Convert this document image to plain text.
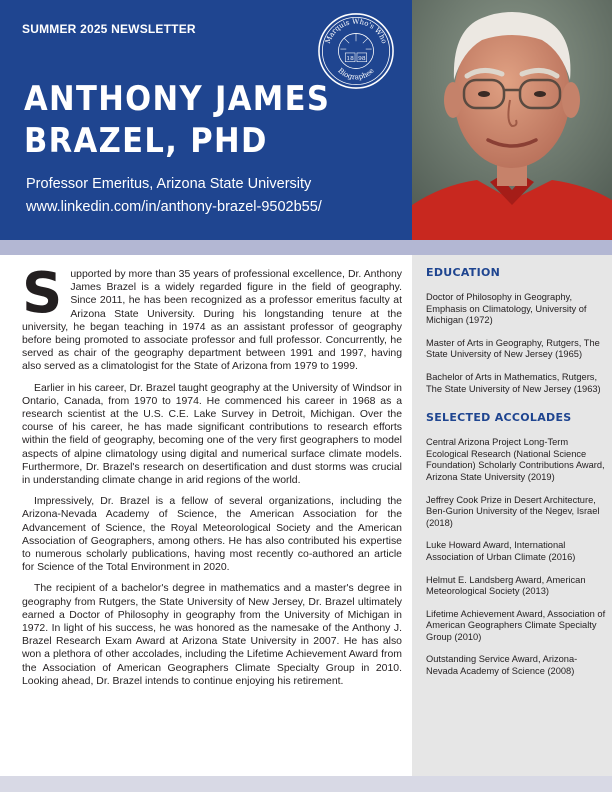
SUMMER 2025 NEWSLETTER
ANTHONY JAMES
BRAZEL, PHD
Professor Emeritus, Arizona State University
www.linkedin.com/in/anthony-brazel-9502b55/
Marquis Who's Who
Biographee
18 98

Supported by more than 35 years of professional excellence, Dr. Anthony James Brazel is a widely regarded figure in the field of geography. Since 2011, he has been recognized as a professor emeritus faculty at Arizona State University. During his longstanding tenure at the university, he began teaching in 1974 as an assistant professor of geography before being promoted to associate professor and full professor. Concurrently, he served as chair of the geography department between 1991 and 1997, having also served as a climatologist for the State of Arizona from 1979 to 1999.

Earlier in his career, Dr. Brazel taught geography at the University of Windsor in Ontario, Canada, from 1970 to 1974. He commenced his career in 1968 as a research scientist at the U.S. C.E. Lake Survey in Detroit, Michigan. Over the course of his career, he has made significant contributions to research efforts within the field of geography, becoming one of the very first geographers to model aspects of alpine climatology using digital and numerical surface climate models. Furthermore, Dr. Brazel's research on desertification and dust storms was crucial in understanding climate change in arid regions of the world.

Impressively, Dr. Brazel is a fellow of several organizations, including the Arizona-Nevada Academy of Science, the American Association for the Advancement of Science, the Royal Meteorological Society and the American Association of Geographers, among others. He has also contributed his expertise to numerous scholarly publications, having most recently co-authored an article for Science of the Total Environment in 2020.

The recipient of a bachelor's degree in mathematics and a master's degree in geography from Rutgers, the State University of New Jersey, Dr. Brazel ultimately earned a Doctor of Philosophy in geography from the University of Michigan in 1972. In light of his success, he was honored as the namesake of the Anthony J. Brazel Research Exam Award at Arizona State University in 2007. He has also won a plethora of other accolades, including the Lifetime Achievement Award from the Association of American Geographers Climate Specialty Group in 2010. Looking ahead, Dr. Brazel intends to continue enjoying his retirement.

EDUCATION
Doctor of Philosophy in Geography, Emphasis on Climatology, University of Michigan (1972)
Master of Arts in Geography, Rutgers, The State University of New Jersey (1965)
Bachelor of Arts in Mathematics, Rutgers, The State University of New Jersey (1963)
SELECTED ACCOLADES
Central Arizona Project Long-Term Ecological Research (National Science Foundation) Scholarly Contributions Award, Arizona State University (2019)
Jeffrey Cook Prize in Desert Architecture, Ben-Gurion University of the Negev, Israel (2018)
Luke Howard Award, International Association of Urban Climate (2016)
Helmut E. Landsberg Award, American Meteorological Society (2013)
Lifetime Achievement Award, Association of American Geographers Climate Specialty Group (2010)
Outstanding Service Award, Arizona-Nevada Academy of Science (2008)
